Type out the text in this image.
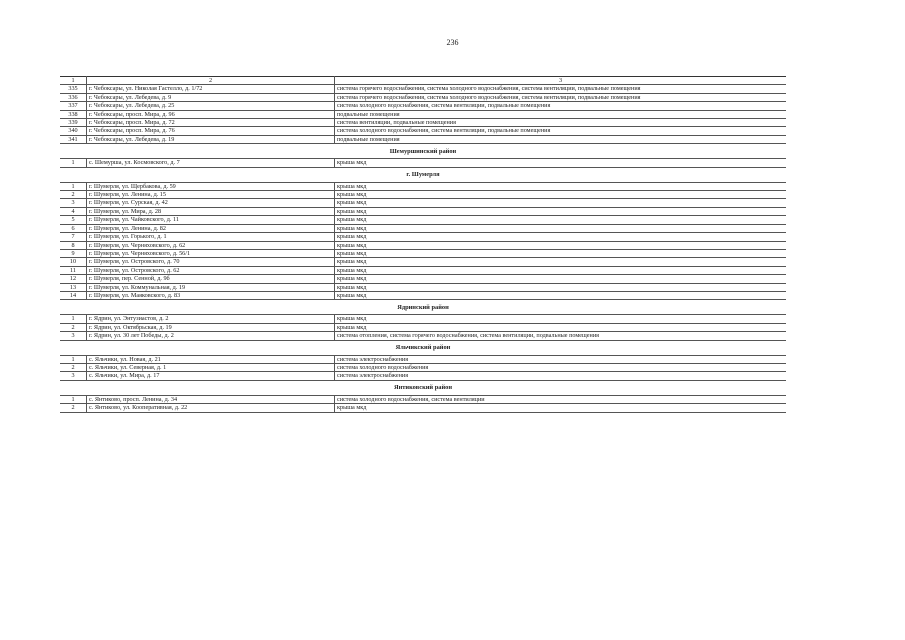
236
1	2	3
335	г. Чебоксары, ул. Николая Гастелло, д. 1/72	система горячего водоснабжения, система холодного водоснабжения, система вентиляции, подвальные помещения
336	г. Чебоксары, ул. Лебедева, д. 9	система горячего водоснабжения, система холодного водоснабжения, система вентиляции, подвальные помещения
337	г. Чебоксары, ул. Лебедева, д. 25	система холодного водоснабжения, система вентиляции, подвальные помещения
338	г. Чебоксары, просп. Мира, д. 96	подвальные помещения
339	г. Чебоксары, просп. Мира, д. 72	система вентиляции, подвальные помещения
340	г. Чебоксары, просп. Мира, д. 76	система холодного водоснабжения, система вентиляции, подвальные помещения
341	г. Чебоксары, ул. Лебедева, д. 19	подвальные помещения
Шемуршинский район		
1	с. Шемурша, ул. Космовского, д. 7	крыша мкд
г. Шумерля		
1	г. Шумерля, ул. Щербакова, д. 59	крыша мкд
2	г. Шумерля, ул. Ленина, д. 15	крыша мкд
3	г. Шумерля, ул. Сурская, д. 42	крыша мкд
4	г. Шумерля, ул. Мира, д. 28	крыша мкд
5	г. Шумерля, ул. Чайковского, д. 11	крыша мкд
6	г. Шумерля, ул. Ленина, д. 82	крыша мкд
7	г. Шумерля, ул. Горького, д. 1	крыша мкд
8	г. Шумерля, ул. Черняховского, д. 62	крыша мкд
9	г. Шумерля, ул. Черняховского, д. 56/1	крыша мкд
10	г. Шумерля, ул. Островского, д. 70	крыша мкд
11	г. Шумерля, ул. Островского, д. 62	крыша мкд
12	г. Шумерля, пер. Сенной, д. 9б	крыша мкд
13	г. Шумерля, ул. Коммунальная, д. 19	крыша мкд
14	г. Шумерля, ул. Маяковского, д. 83	крыша мкд
Ядринский район		
1	г. Ядрин, ул. Энтузиастов, д. 2	крыша мкд
2	г. Ядрин, ул. Октябрьская, д. 19	крыша мкд
3	г. Ядрин, ул. 30 лет Победы, д. 2	система отопления, система горячего водоснабжения, система вентиляции, подвальные помещения
Яльчикский район		
1	с. Яльчики, ул. Новая, д. 21	система электроснабжения
2	с. Яльчики, ул. Северная, д. 1	система холодного водоснабжения
3	с. Яльчики, ул. Мира, д. 17	система электроснабжения
Янтиковский район		
1	с. Янтиково, просп. Ленина, д. 34	система холодного водоснабжения, система вентиляции
2	с. Янтиково, ул. Кооперативная, д. 22	крыша мкд
